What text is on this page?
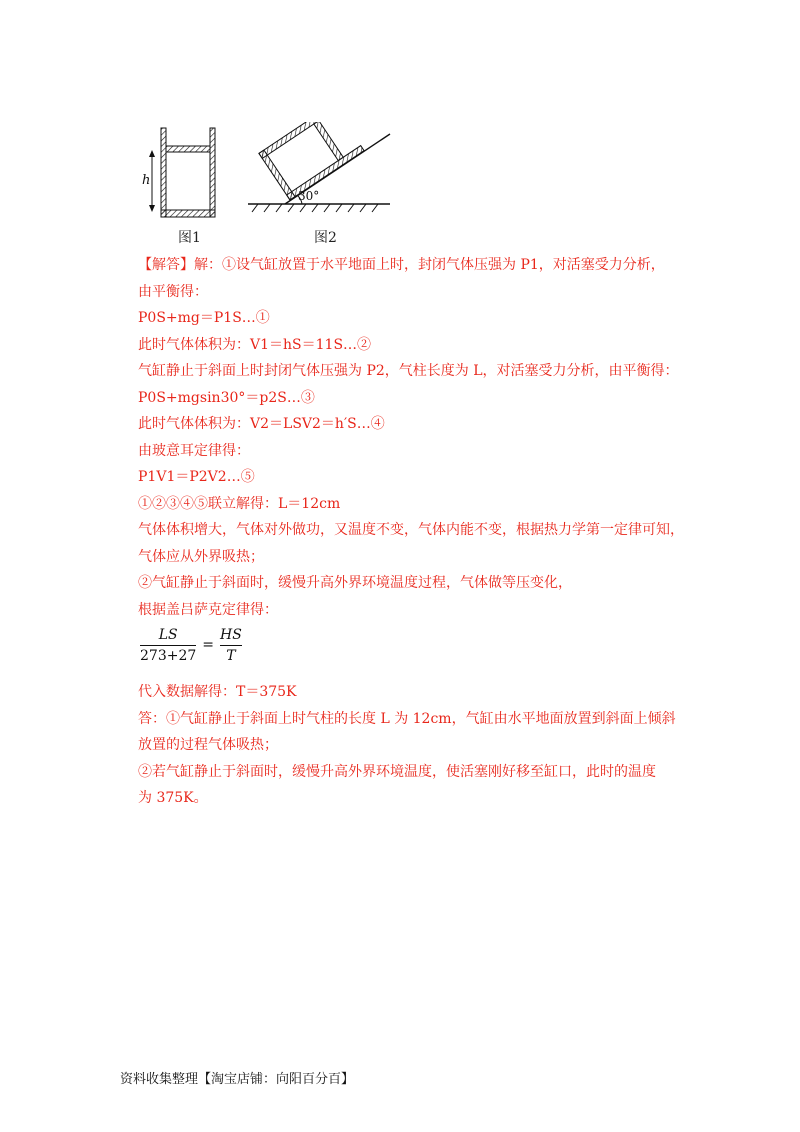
h
30°
图1	图2
【解答】解：①设气缸放置于水平地面上时，封闭气体压强为 P1，对活塞受力分析，
由平衡得：
P0S+mg＝P1S…①
此时气体体积为：V1＝hS＝11S…②
气缸静止于斜面上时封闭气体压强为 P2，气柱长度为 L，对活塞受力分析，由平衡得：
P0S+mgsin30°＝p2S…③
此时气体体积为：V2＝LSV2＝h′S…④
由玻意耳定律得：
P1V1＝P2V2…⑤
①②③④⑤联立解得：L＝12cm
气体体积增大，气体对外做功，又温度不变，气体内能不变，根据热力学第一定律可知，
气体应从外界吸热；
②气缸静止于斜面时，缓慢升高外界环境温度过程，气体做等压变化，
根据盖吕萨克定律得：
$\frac{LS}{273+27} = \frac{HS}{T}$
代入数据解得：T＝375K
答：①气缸静止于斜面上时气柱的长度 L 为 12cm，气缸由水平地面放置到斜面上倾斜
放置的过程气体吸热；
②若气缸静止于斜面时，缓慢升高外界环境温度，使活塞刚好移至缸口，此时的温度
为 375K。
资料收集整理【淘宝店铺：向阳百分百】
